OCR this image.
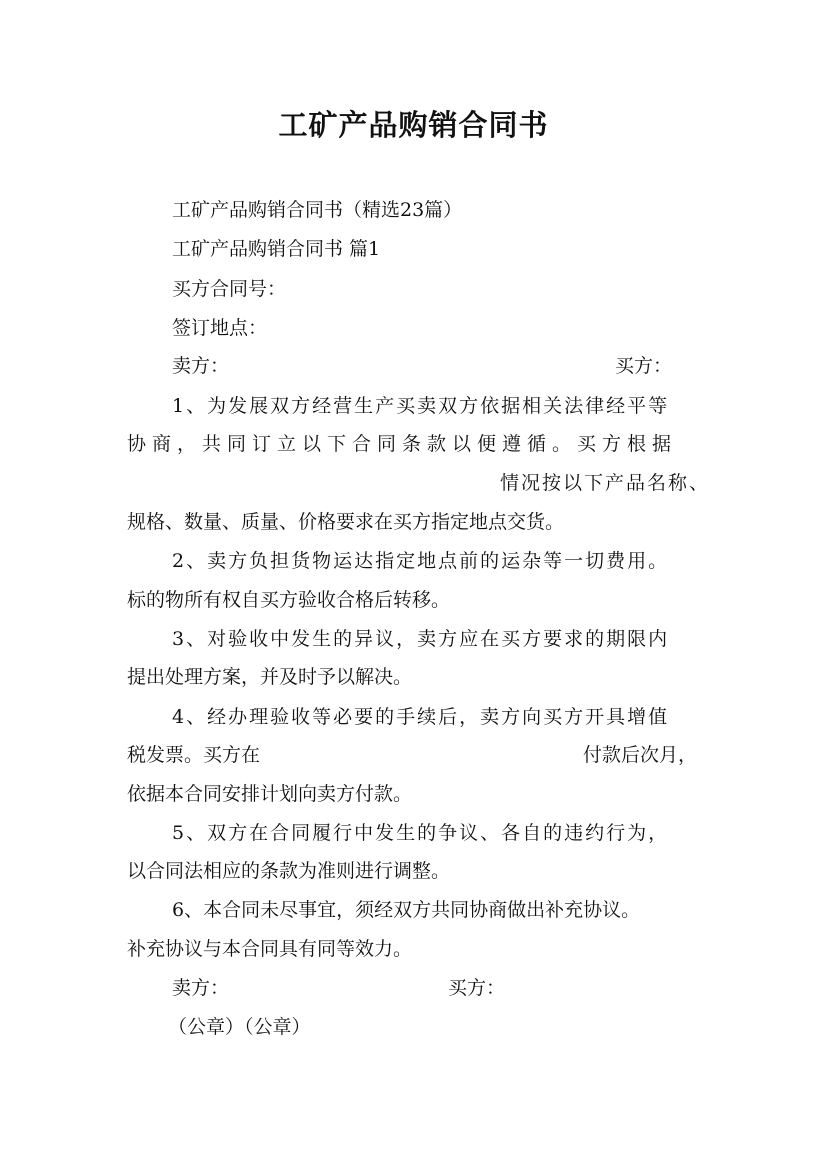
工矿产品购销合同书
工矿产品购销合同书（精选23篇）
工矿产品购销合同书 篇1
买方合同号：
签订地点：
卖方：	买方：
1、为发展双方经营生产买卖双方依据相关法律经平等
协商，共同订立以下合同条款以便遵循。买方根据
情况按以下产品名称、
规格、数量、质量、价格要求在买方指定地点交货。
2、卖方负担货物运达指定地点前的运杂等一切费用。
标的物所有权自买方验收合格后转移。
3、对验收中发生的异议，卖方应在买方要求的期限内
提出处理方案，并及时予以解决。
4、经办理验收等必要的手续后，卖方向买方开具增值
税发票。买方在	付款后次月，
依据本合同安排计划向卖方付款。
5、双方在合同履行中发生的争议、各自的违约行为，
以合同法相应的条款为准则进行调整。
6、本合同未尽事宜，须经双方共同协商做出补充协议。
补充协议与本合同具有同等效力。
卖方：	买方：
（公章）（公章）
